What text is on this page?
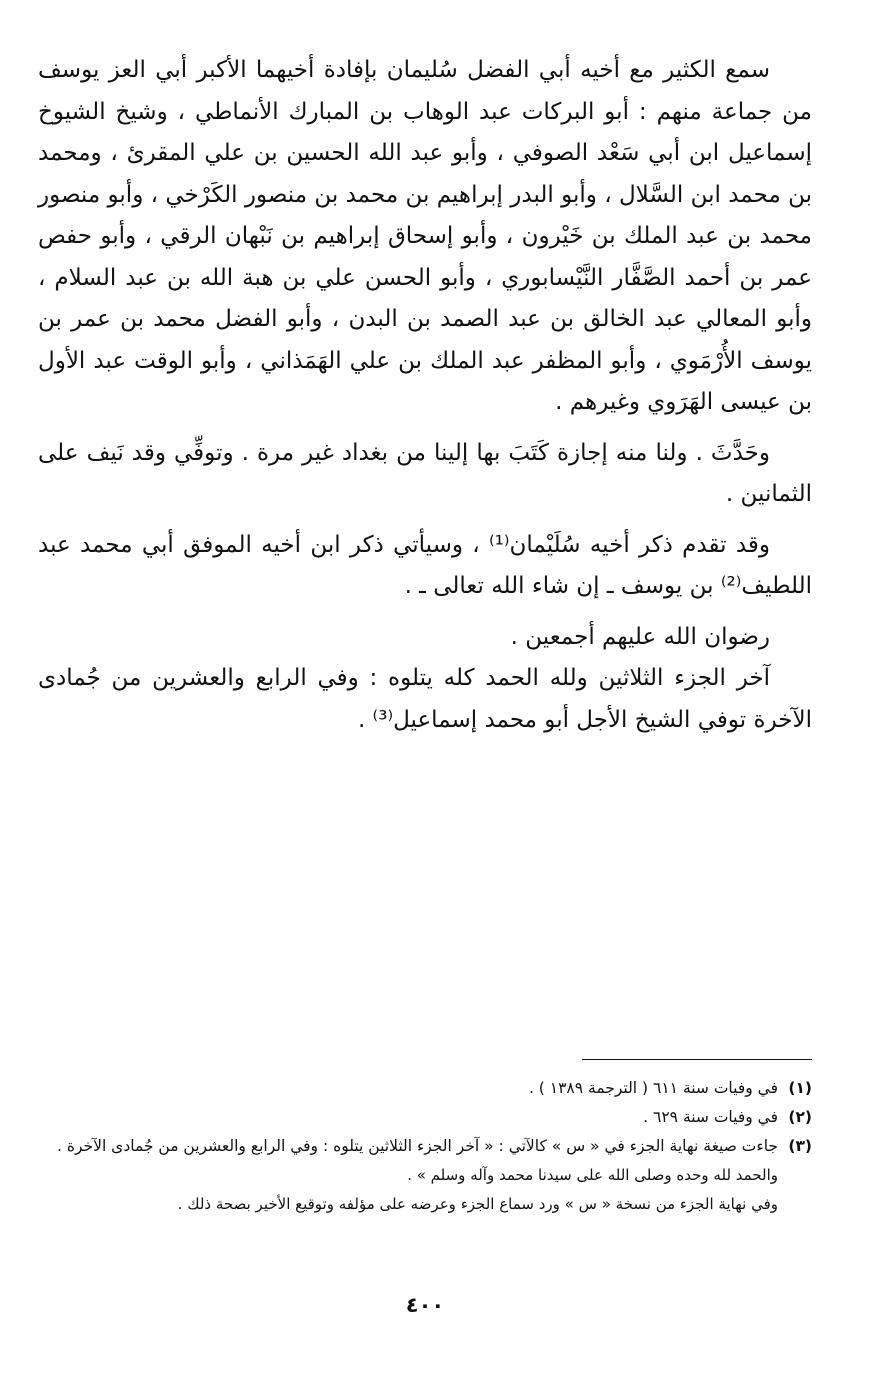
سمع الكثير مع أخيه أبي الفضل سُليمان بإفادة أخيهما الأكبر أبي العز يوسف من جماعة منهم : أبو البركات عبد الوهاب بن المبارك الأنماطي ، وشيخ الشيوخ إسماعيل ابن أبي سَعْد الصوفي ، وأبو عبد الله الحسين بن علي المقرئ ، ومحمد بن محمد ابن السَّلال ، وأبو البدر إبراهيم بن محمد بن منصور الكَرْخي ، وأبو منصور محمد بن عبد الملك بن خَيْرون ، وأبو إسحاق إبراهيم بن نَبْهان الرقي ، وأبو حفص عمر بن أحمد الصَّفَّار النَّيْسابوري ، وأبو الحسن علي بن هبة الله بن عبد السلام ، وأبو المعالي عبد الخالق بن عبد الصمد بن البدن ، وأبو الفضل محمد بن عمر بن يوسف الأُرْمَوي ، وأبو المظفر عبد الملك بن علي الهَمَذاني ، وأبو الوقت عبد الأول بن عيسى الهَرَوي وغيرهم .

وحَدَّثَ . ولنا منه إجازة كَتَبَ بها إلينا من بغداد غير مرة . وتوفِّي وقد نَيف على الثمانين .

وقد تقدم ذكر أخيه سُلَيْمان⁽¹⁾ ، وسيأتي ذكر ابن أخيه الموفق أبي محمد عبد اللطيف⁽²⁾ بن يوسف ـ إن شاء الله تعالى ـ .

رضوان الله عليهم أجمعين .

آخر الجزء الثلاثين ولله الحمد كله يتلوه : وفي الرابع والعشرين من جُمادى الآخرة توفي الشيخ الأجل أبو محمد إسماعيل⁽³⁾ .

(١)
في وفيات سنة ٦١١ ( الترجمة ١٣٨٩ ) .
(٢)
في وفيات سنة ٦٢٩ .
(٣)
جاءت صيغة نهاية الجزء في « س » كالآتي : « آخر الجزء الثلاثين يتلوه : وفي الرابع والعشرين من جُمادى الآخرة .
والحمد لله وحده وصلى الله على سيدنا محمد وآله وسلم » .
وفي نهاية الجزء من نسخة « س » ورد سماع الجزء وعرضه على مؤلفه وتوقيع الأخير بصحة ذلك .
٤٠٠
